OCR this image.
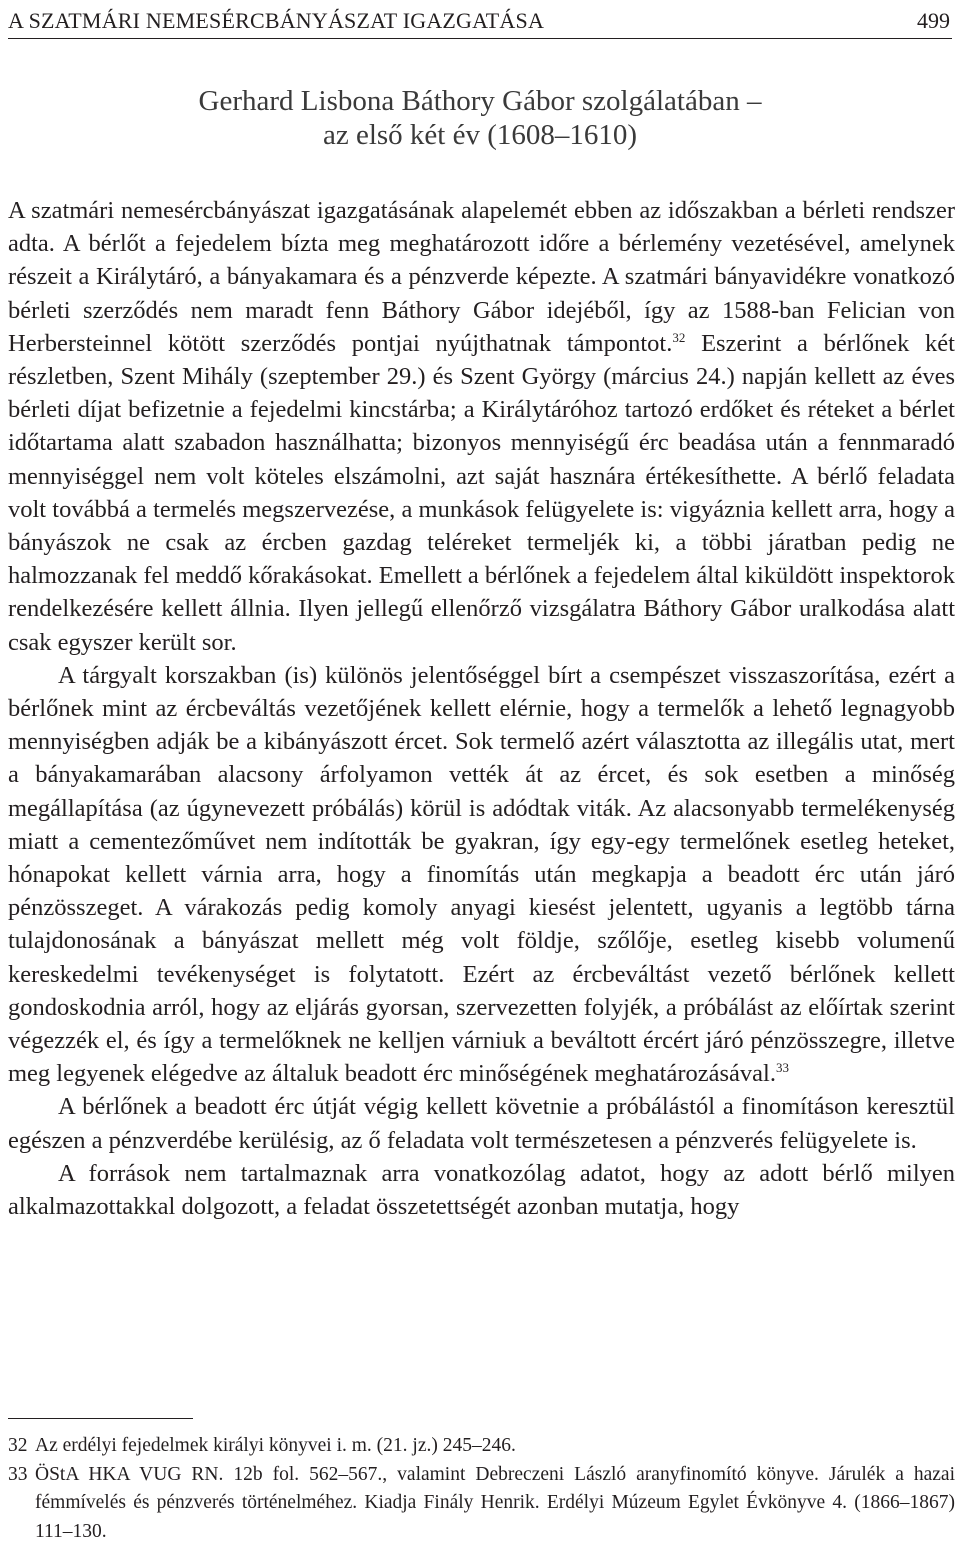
A SZATMÁRI NEMESÉRCBÁNYÁSZAT IGAZGATÁSA	499
Gerhard Lisbona Báthory Gábor szolgálatában –
az első két év (1608–1610)

A szatmári nemesércbányászat igazgatásának alapelemét ebben az időszakban a bérleti rendszer adta. A bérlőt a fejedelem bízta meg meghatározott időre a bérlemény vezetésével, amelynek részeit a Királytáró, a bányakamara és a pénzverde képezte. A szatmári bányavidékre vonatkozó bérleti szerződés nem maradt fenn Báthory Gábor idejéből, így az 1588-ban Felician von Herbersteinnel kötött szerződés pontjai nyújthatnak támpontot.$^{32}$ Eszerint a bérlőnek két részletben, Szent Mihály (szeptember 29.) és Szent György (március 24.) napján kellett az éves bérleti díjat befizetnie a fejedelmi kincstárba; a Királytáróhoz tartozó erdőket és réteket a bérlet időtartama alatt szabadon használhatta; bizonyos mennyiségű érc beadása után a fennmaradó mennyiséggel nem volt köteles elszámolni, azt saját hasznára értékesíthette. A bérlő feladata volt továbbá a termelés megszervezése, a munkások felügyelete is: vigyáznia kellett arra, hogy a bányászok ne csak az ércben gazdag teléreket termeljék ki, a többi járatban pedig ne halmozzanak fel meddő kőrakásokat. Emellett a bérlőnek a fejedelem által kiküldött inspektorok rendelkezésére kellett állnia. Ilyen jellegű ellenőrző vizsgálatra Báthory Gábor uralkodása alatt csak egyszer került sor.

A tárgyalt korszakban (is) különös jelentőséggel bírt a csempészet visszaszorítása, ezért a bérlőnek mint az ércbeváltás vezetőjének kellett elérnie, hogy a termelők a lehető legnagyobb mennyiségben adják be a kibányászott ércet. Sok termelő azért választotta az illegális utat, mert a bányakamarában alacsony árfolyamon vették át az ércet, és sok esetben a minőség megállapítása (az úgynevezett próbálás) körül is adódtak viták. Az alacsonyabb termelékenység miatt a cementezőművet nem indították be gyakran, így egy-egy termelőnek esetleg heteket, hónapokat kellett várnia arra, hogy a finomítás után megkapja a beadott érc után járó pénzösszeget. A várakozás pedig komoly anyagi kiesést jelentett, ugyanis a legtöbb tárna tulajdonosának a bányászat mellett még volt földje, szőlője, esetleg kisebb volumenű kereskedelmi tevékenységet is folytatott. Ezért az ércbeváltást vezető bérlőnek kellett gondoskodnia arról, hogy az eljárás gyorsan, szervezetten folyjék, a próbálást az előírtak szerint végezzék el, és így a termelőknek ne kelljen várniuk a beváltott ércért járó pénzösszegre, illetve meg legyenek elégedve az általuk beadott érc minőségének meghatározásával.$^{33}$

A bérlőnek a beadott érc útját végig kellett követnie a próbálástól a finomításon keresztül egészen a pénzverdébe kerülésig, az ő feladata volt természetesen a pénzverés felügyelete is.

A források nem tartalmaznak arra vonatkozólag adatot, hogy az adott bérlő milyen alkalmazottakkal dolgozott, a feladat összetettségét azonban mutatja, hogy

32 Az erdélyi fejedelmek királyi könyvei i. m. (21. jz.) 245–246.
33 ÖStA HKA VUG RN. 12b fol. 562–567., valamint Debreczeni László aranyfinomító könyve. Járulék a hazai fémmívelés és pénzverés történelméhez. Kiadja Finály Henrik. Erdélyi Múzeum Egylet Évkönyve 4. (1866–1867) 111–130.
